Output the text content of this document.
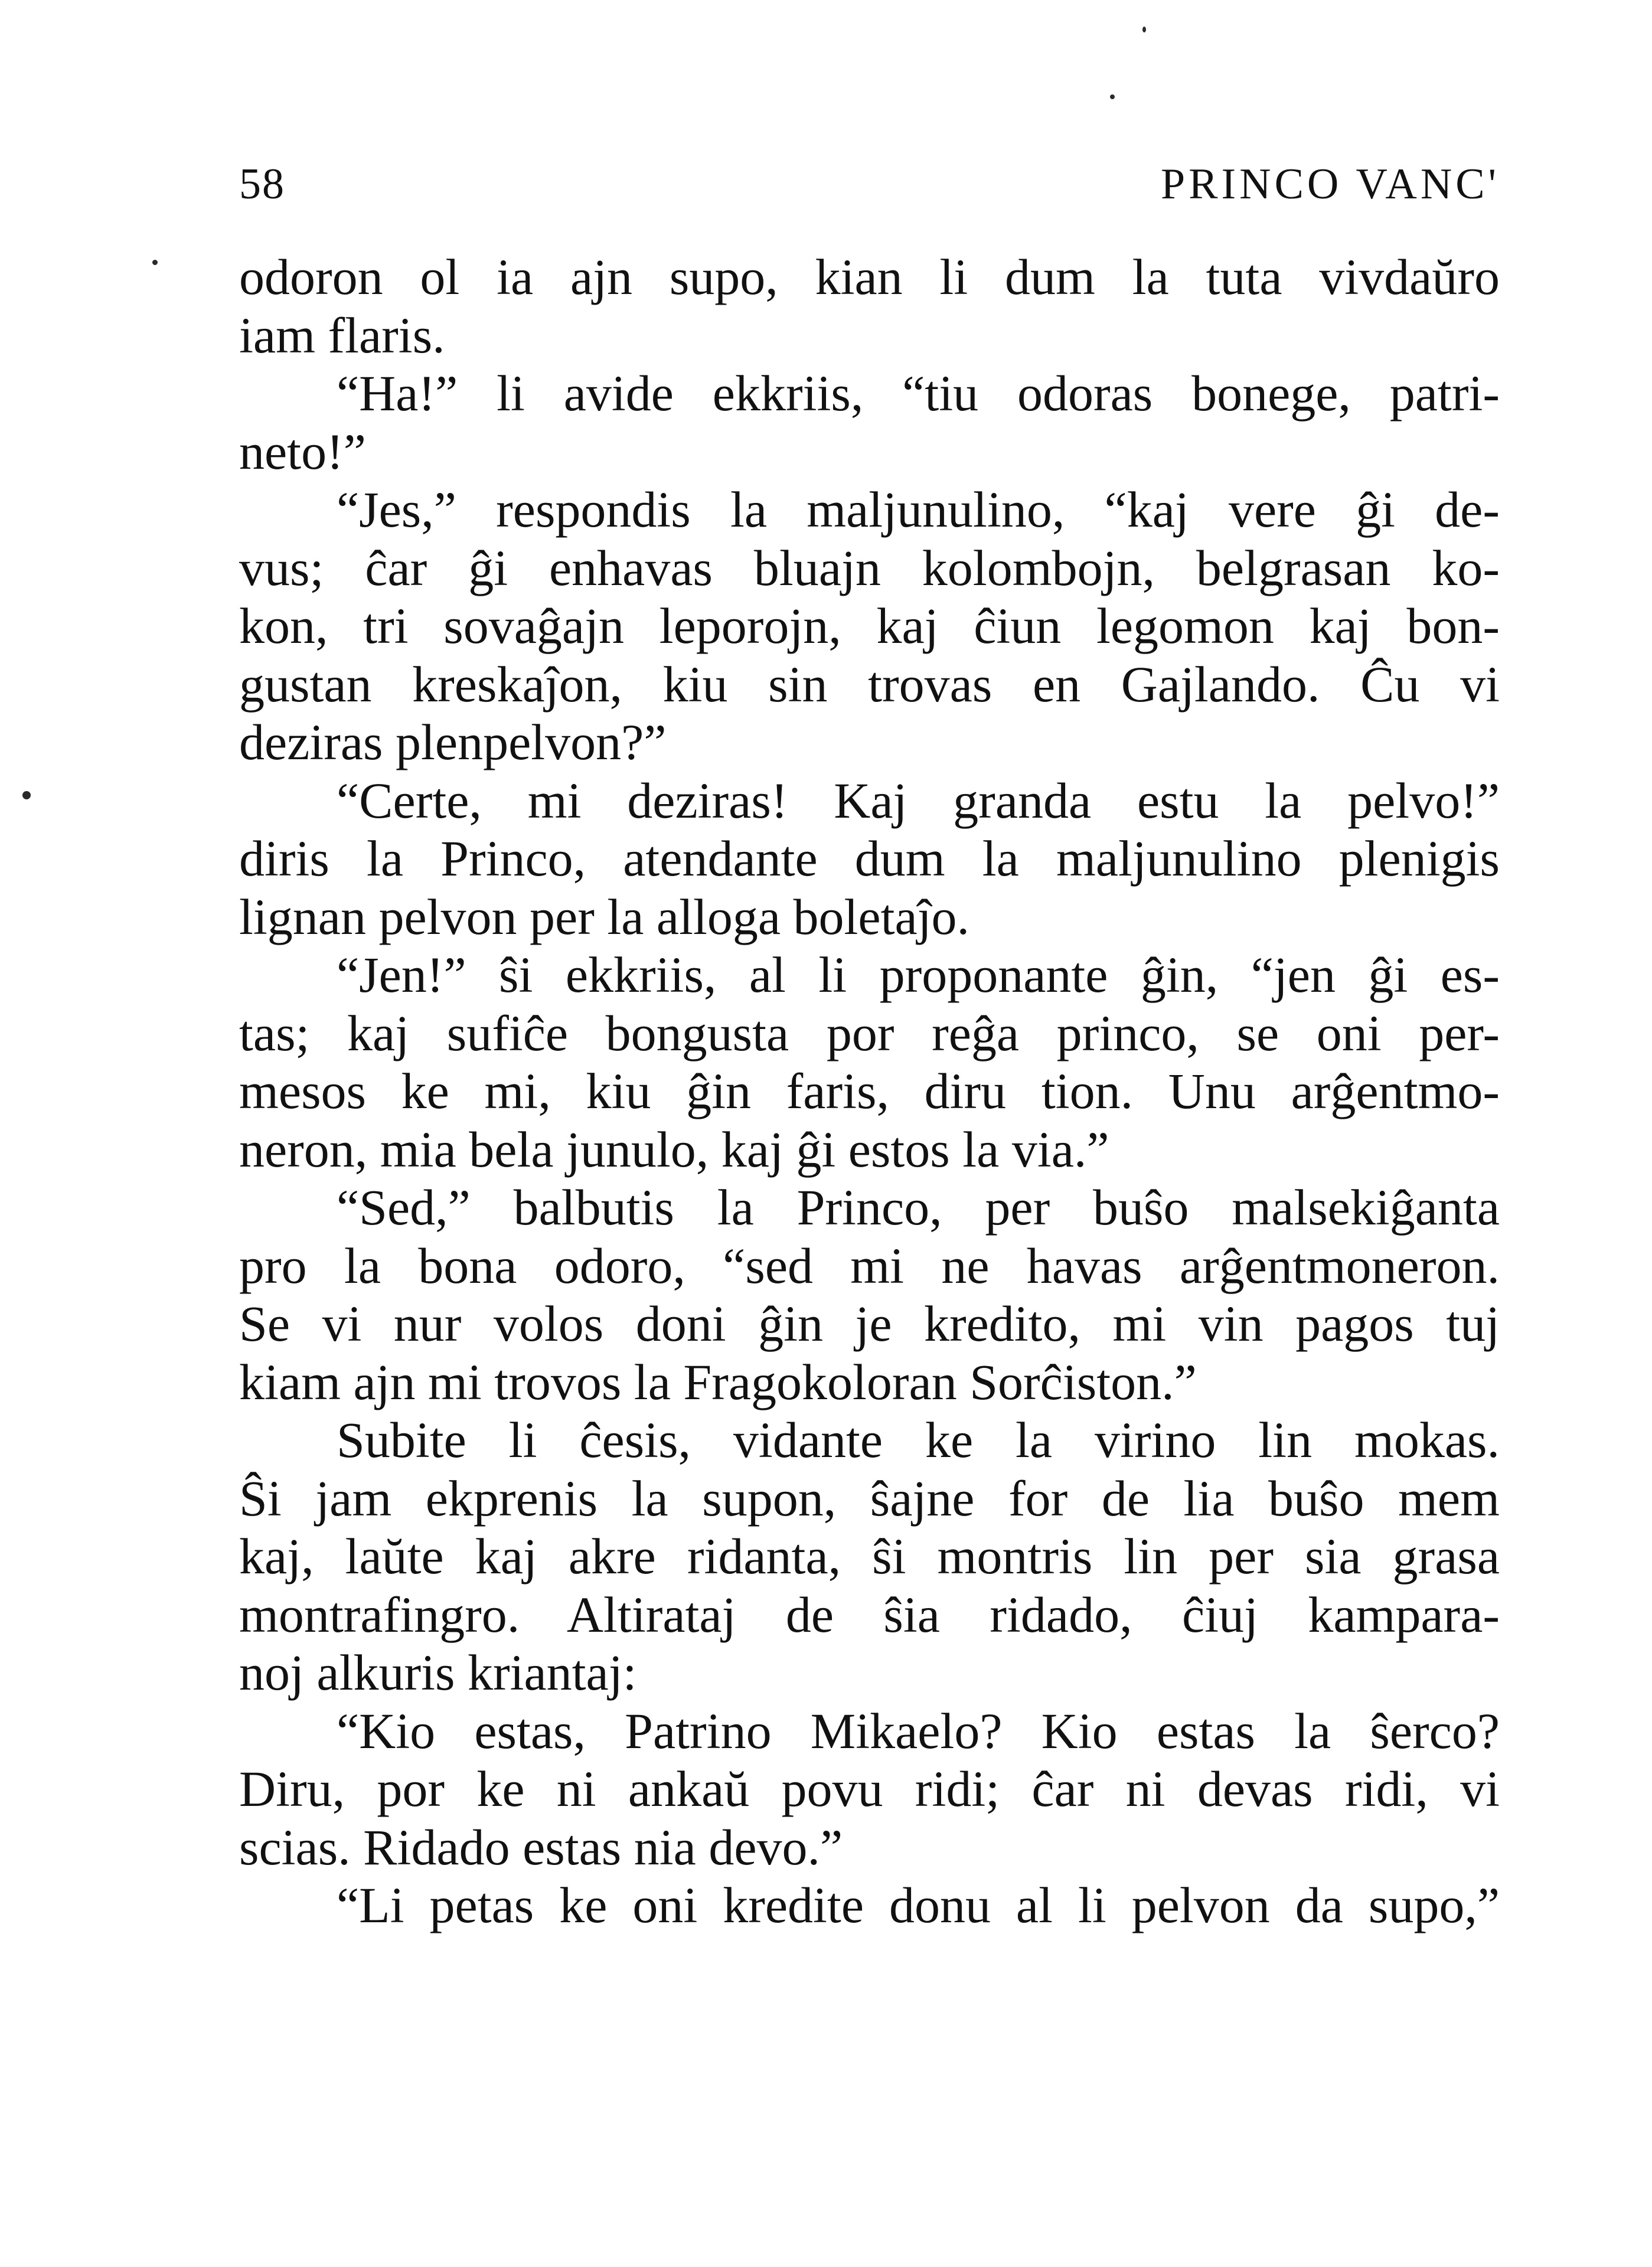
58	PRINCO VANC'
odoron ol ia ajn supo, kian li dum la tuta vivdaŭro
iam flaris.
“Ha!” li avide ekkriis, “tiu odoras bonege, patri-
neto!”
“Jes,” respondis la maljunulino, “kaj vere ĝi de-
vus; ĉar ĝi enhavas bluajn kolombojn, belgrasan ko-
kon, tri sovaĝajn leporojn, kaj ĉiun legomon kaj bon-
gustan kreskaĵon, kiu sin trovas en Gajlando. Ĉu vi
deziras plenpelvon?”
“Certe, mi deziras! Kaj granda estu la pelvo!”
diris la Princo, atendante dum la maljunulino plenigis
lignan pelvon per la alloga boletaĵo.
“Jen!” ŝi ekkriis, al li proponante ĝin, “jen ĝi es-
tas; kaj sufiĉe bongusta por reĝa princo, se oni per-
mesos ke mi, kiu ĝin faris, diru tion. Unu arĝentmo-
neron, mia bela junulo, kaj ĝi estos la via.”
“Sed,” balbutis la Princo, per buŝo malsekiĝanta
pro la bona odoro, “sed mi ne havas arĝentmoneron.
Se vi nur volos doni ĝin je kredito, mi vin pagos tuj
kiam ajn mi trovos la Fragokoloran Sorĉiston.”
Subite li ĉesis, vidante ke la virino lin mokas.
Ŝi jam ekprenis la supon, ŝajne for de lia buŝo mem
kaj, laŭte kaj akre ridanta, ŝi montris lin per sia grasa
montrafingro. Altirataj de ŝia ridado, ĉiuj kampara-
noj alkuris kriantaj:
“Kio estas, Patrino Mikaelo? Kio estas la ŝerco?
Diru, por ke ni ankaŭ povu ridi; ĉar ni devas ridi, vi
scias. Ridado estas nia devo.”
“Li petas ke oni kredite donu al li pelvon da supo,”
